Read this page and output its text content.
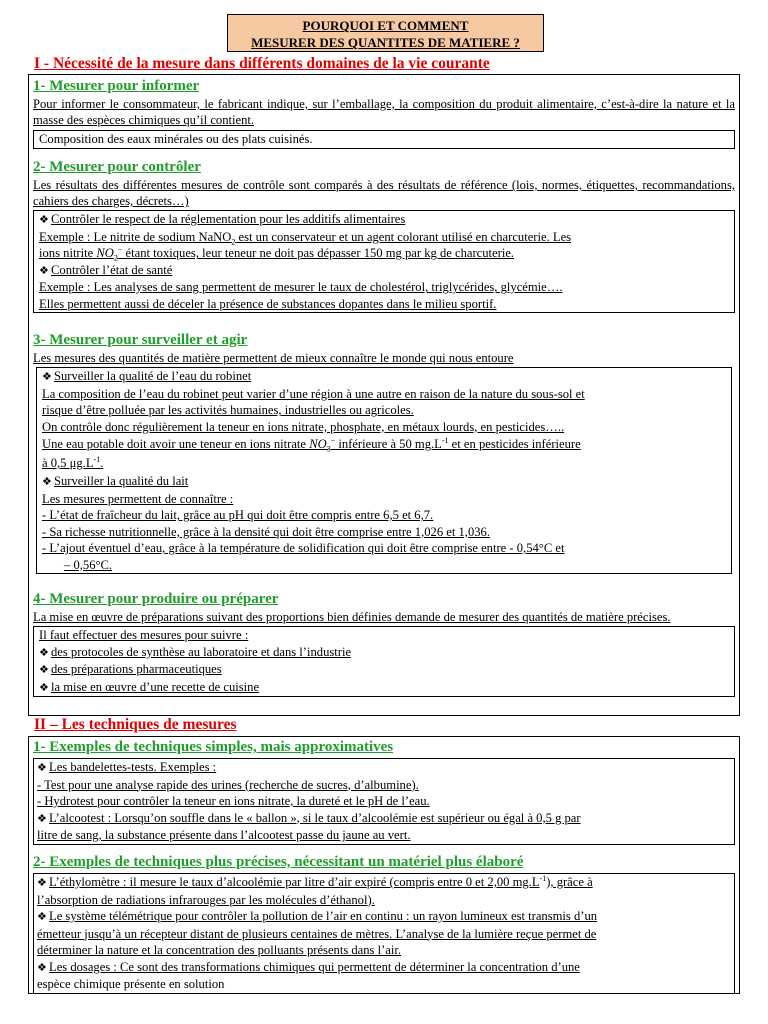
POURQUOI ET COMMENT
MESURER DES QUANTITES DE MATIERE ?
I - Nécessité de la mesure dans différents domaines de la vie courante
1- Mesurer pour informer
Pour informer le consommateur, le fabricant indique, sur l’emballage, la composition du produit alimentaire, c’est-à-dire la nature et la masse des espèces chimiques qu’il contient.
Composition des eaux minérales ou des plats cuisinés.
2- Mesurer pour contrôler
Les résultats des différentes mesures de contrôle sont comparés à des résultats de référence (lois, normes, étiquettes, recommandations, cahiers des charges, décrets…)
❖ Contrôler le respect de la réglementation pour les additifs alimentaires
Exemple : Le nitrite de sodium NaNO$_2$ est un conservateur et un agent colorant utilisé en charcuterie. Les
ions nitrite $NO_2^-$ étant toxiques, leur teneur ne doit pas dépasser 150 mg par kg de charcuterie.
❖ Contrôler l’état de santé
Exemple : Les analyses de sang permettent de mesurer le taux de cholestérol, triglycérides, glycémie….
Elles permettent aussi de déceler la présence de substances dopantes dans le milieu sportif.
3- Mesurer pour surveiller et agir
Les mesures des quantités de matière permettent de mieux connaître le monde qui nous entoure
❖ Surveiller la qualité de l’eau du robinet
La composition de l’eau du robinet peut varier d’une région à une autre en raison de la nature du sous-sol et
risque d’être polluée par les activités humaines, industrielles ou agricoles.
On contrôle donc régulièrement la teneur en ions nitrate, phosphate, en métaux lourds, en pesticides…..
Une eau potable doit avoir une teneur en ions nitrate $NO_3^-$ inférieure à 50 $mg.L^{-1}$ et en pesticides inférieure
à 0,5 $\mu g.L^{-1}$.
❖ Surveiller la qualité du lait
Les mesures permettent de connaître :
- L’état de fraîcheur du lait, grâce au pH qui doit être compris entre 6,5 et 6,7.
- Sa richesse nutritionnelle, grâce à la densité qui doit être comprise entre 1,026 et 1,036.
- L’ajout éventuel d’eau, grâce à la température de solidification qui doit être comprise entre - 0,54°C et
– 0,56°C.
4- Mesurer pour produire ou préparer
La mise en œuvre de préparations suivant des proportions bien définies demande de mesurer des quantités de matière précises.
Il faut effectuer des mesures pour suivre :
❖ des protocoles de synthèse au laboratoire et dans l’industrie
❖ des préparations pharmaceutiques
❖ la mise en œuvre d’une recette de cuisine
II – Les techniques de mesures
1- Exemples de techniques simples, mais approximatives
❖ Les bandelettes-tests. Exemples :
- Test pour une analyse rapide des urines (recherche de sucres, d’albumine).
- Hydrotest pour contrôler la teneur en ions nitrate, la dureté et le pH de l’eau.
❖ L’alcootest : Lorsqu’on souffle dans le « ballon », si le taux d’alcoolémie est supérieur ou égal à 0,5 g par
litre de sang, la substance présente dans l’alcootest passe du jaune au vert.
2- Exemples de techniques plus précises, nécessitant un matériel plus élaboré
❖ L’éthylomètre : il mesure le taux d’alcoolémie par litre d’air expiré (compris entre 0 et 2,00 $mg.L^{-1}$), grâce à
l’absorption de radiations infrarouges par les molécules d’éthanol).
❖ Le système télémétrique pour contrôler la pollution de l’air en continu : un rayon lumineux est transmis d’un
émetteur jusqu’à un récepteur distant de plusieurs centaines de mètres. L’analyse de la lumière reçue permet de
déterminer la nature et la concentration des polluants présents dans l’air.
❖ Les dosages : Ce sont des transformations chimiques qui permettent de déterminer la concentration d’une
espèce chimique présente en solution
